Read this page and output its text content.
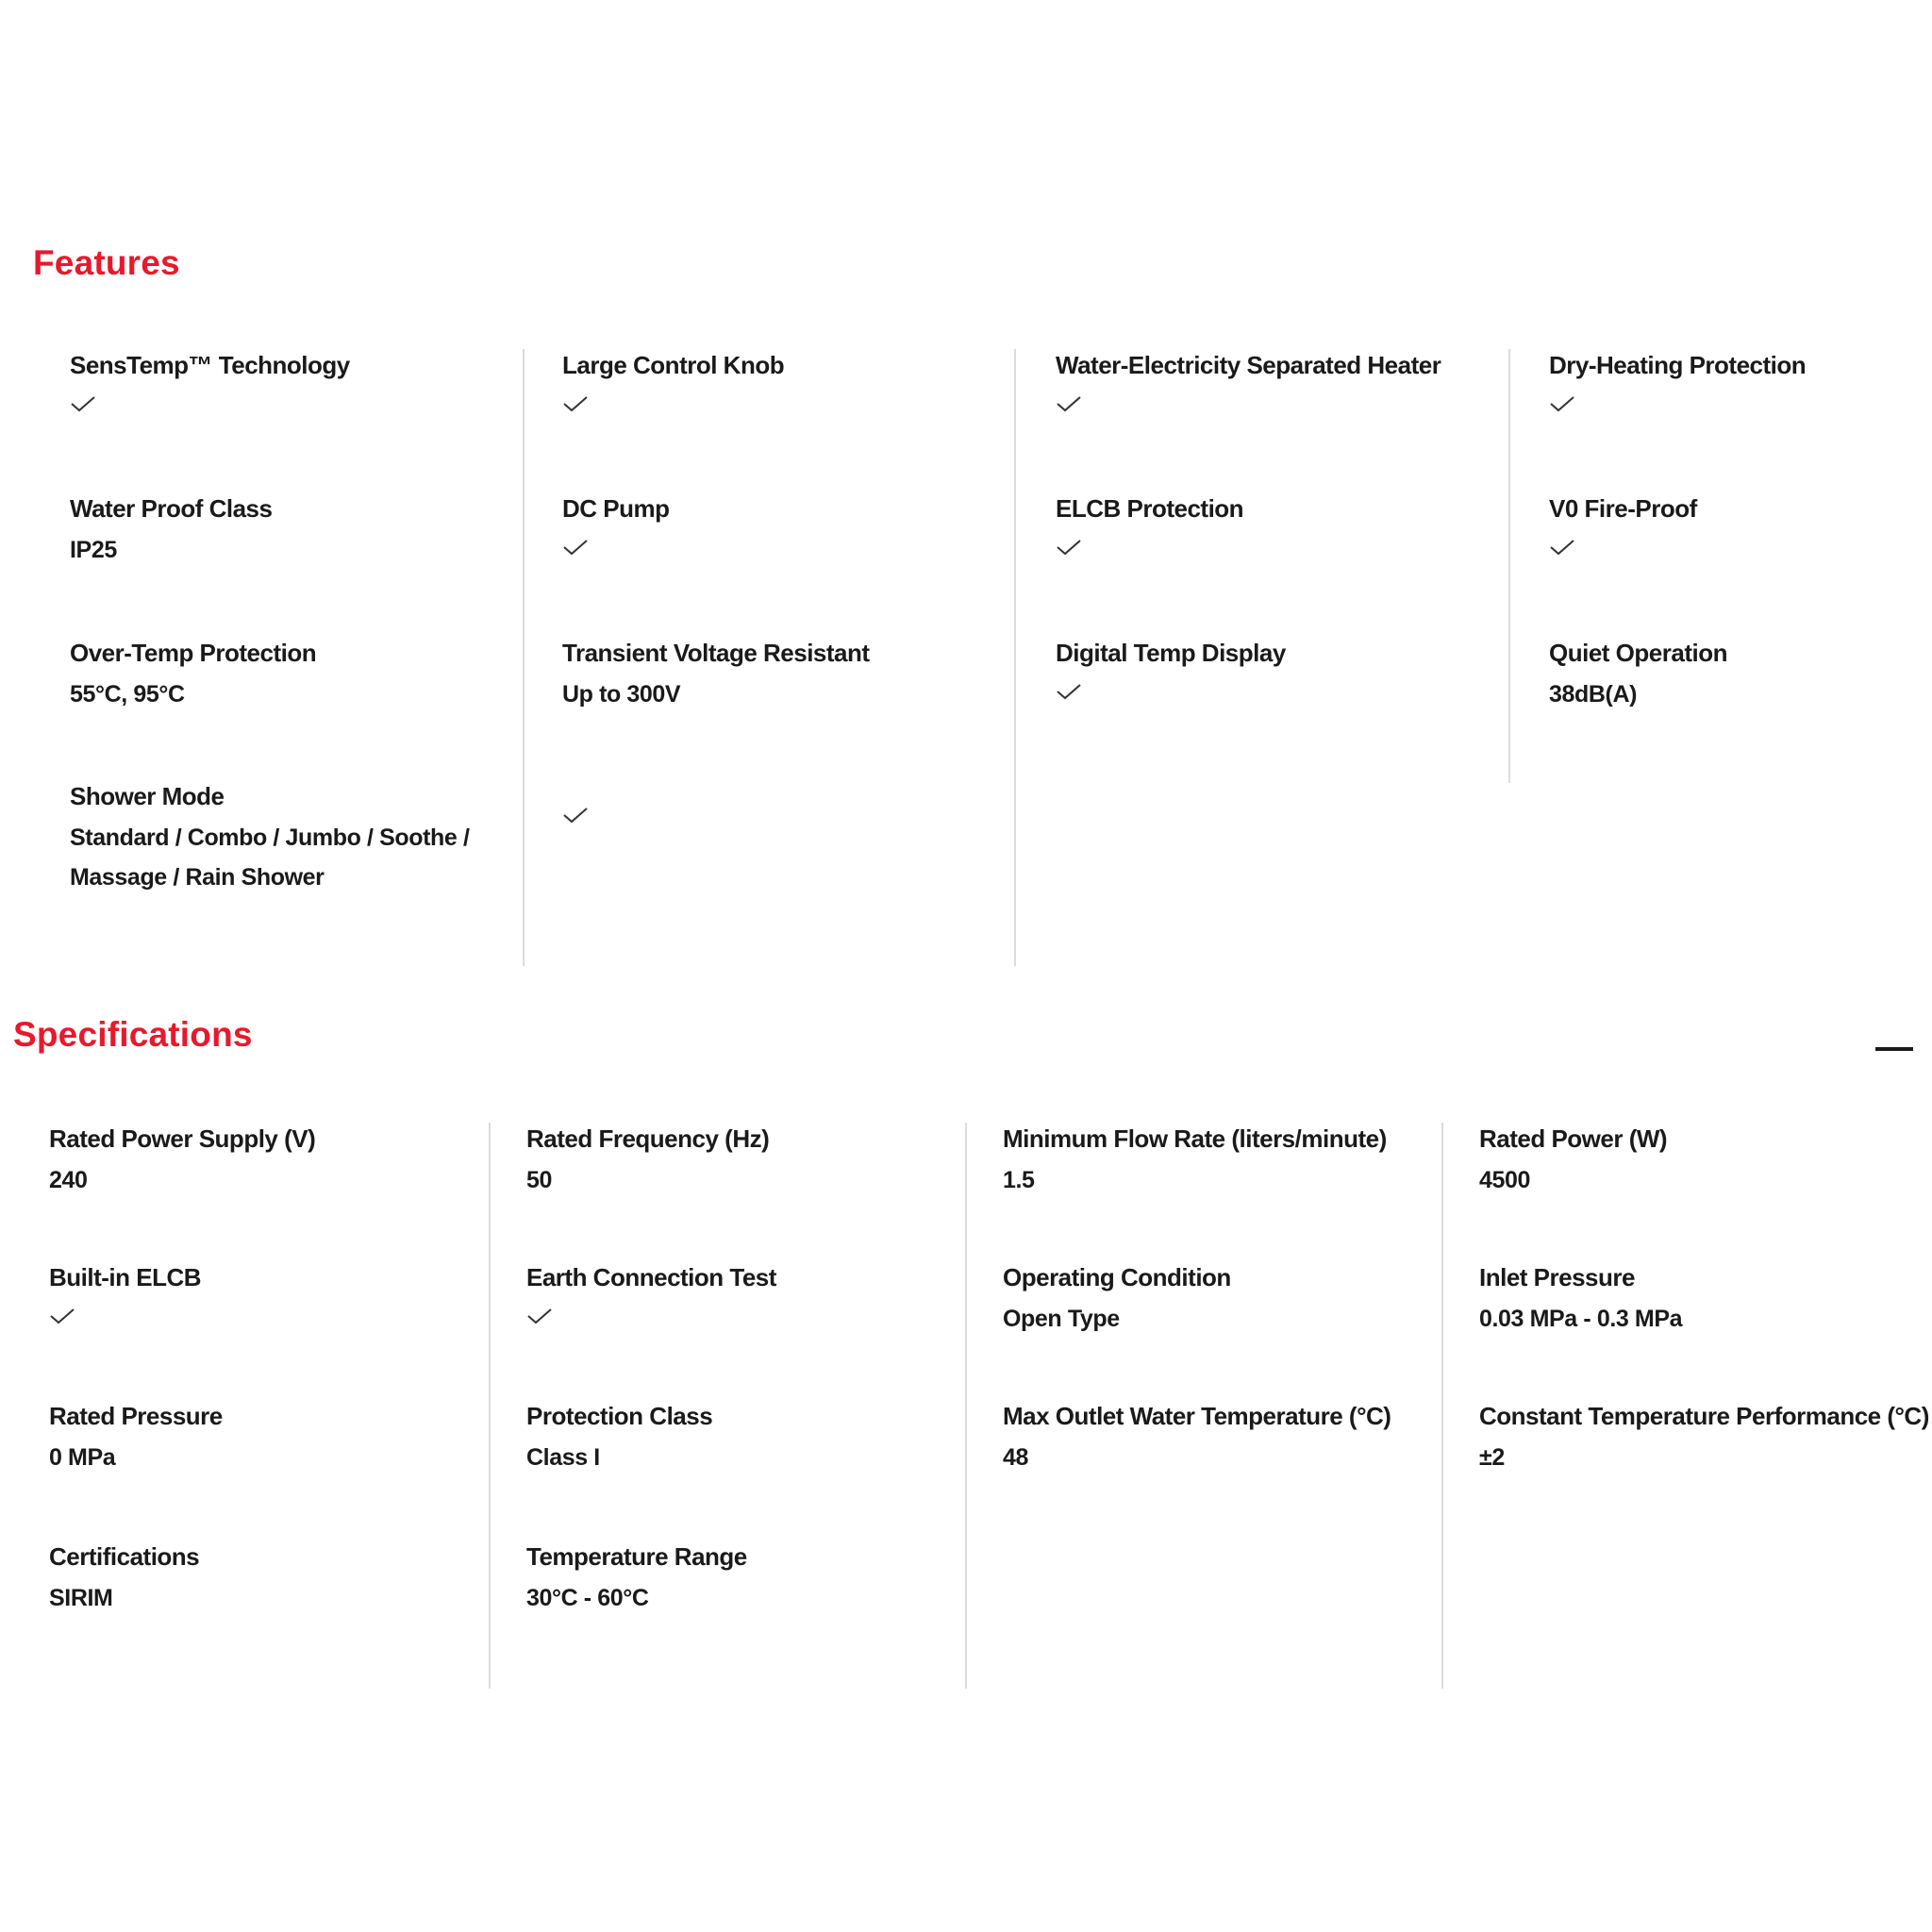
Features
SensTemp™ Technology
Water Proof Class
IP25
Over-Temp Protection
55°C, 95°C
Shower Mode
Standard / Combo / Jumbo / Soothe /
Massage / Rain Shower
Large Control Knob
DC Pump
Transient Voltage Resistant
Up to 300V
Water-Electricity Separated Heater
ELCB Protection
Digital Temp Display
Dry-Heating Protection
V0 Fire-Proof
Quiet Operation
38dB(A)
Specifications
Rated Power Supply (V)
240
Built-in ELCB
Rated Pressure
0 MPa
Certifications
SIRIM
Rated Frequency (Hz)
50
Earth Connection Test
Protection Class
Class I
Temperature Range
30°C - 60°C
Minimum Flow Rate (liters/minute)
1.5
Operating Condition
Open Type
Max Outlet Water Temperature (°C)
48
Rated Power (W)
4500
Inlet Pressure
0.03 MPa - 0.3 MPa
Constant Temperature Performance (°C)
±2
